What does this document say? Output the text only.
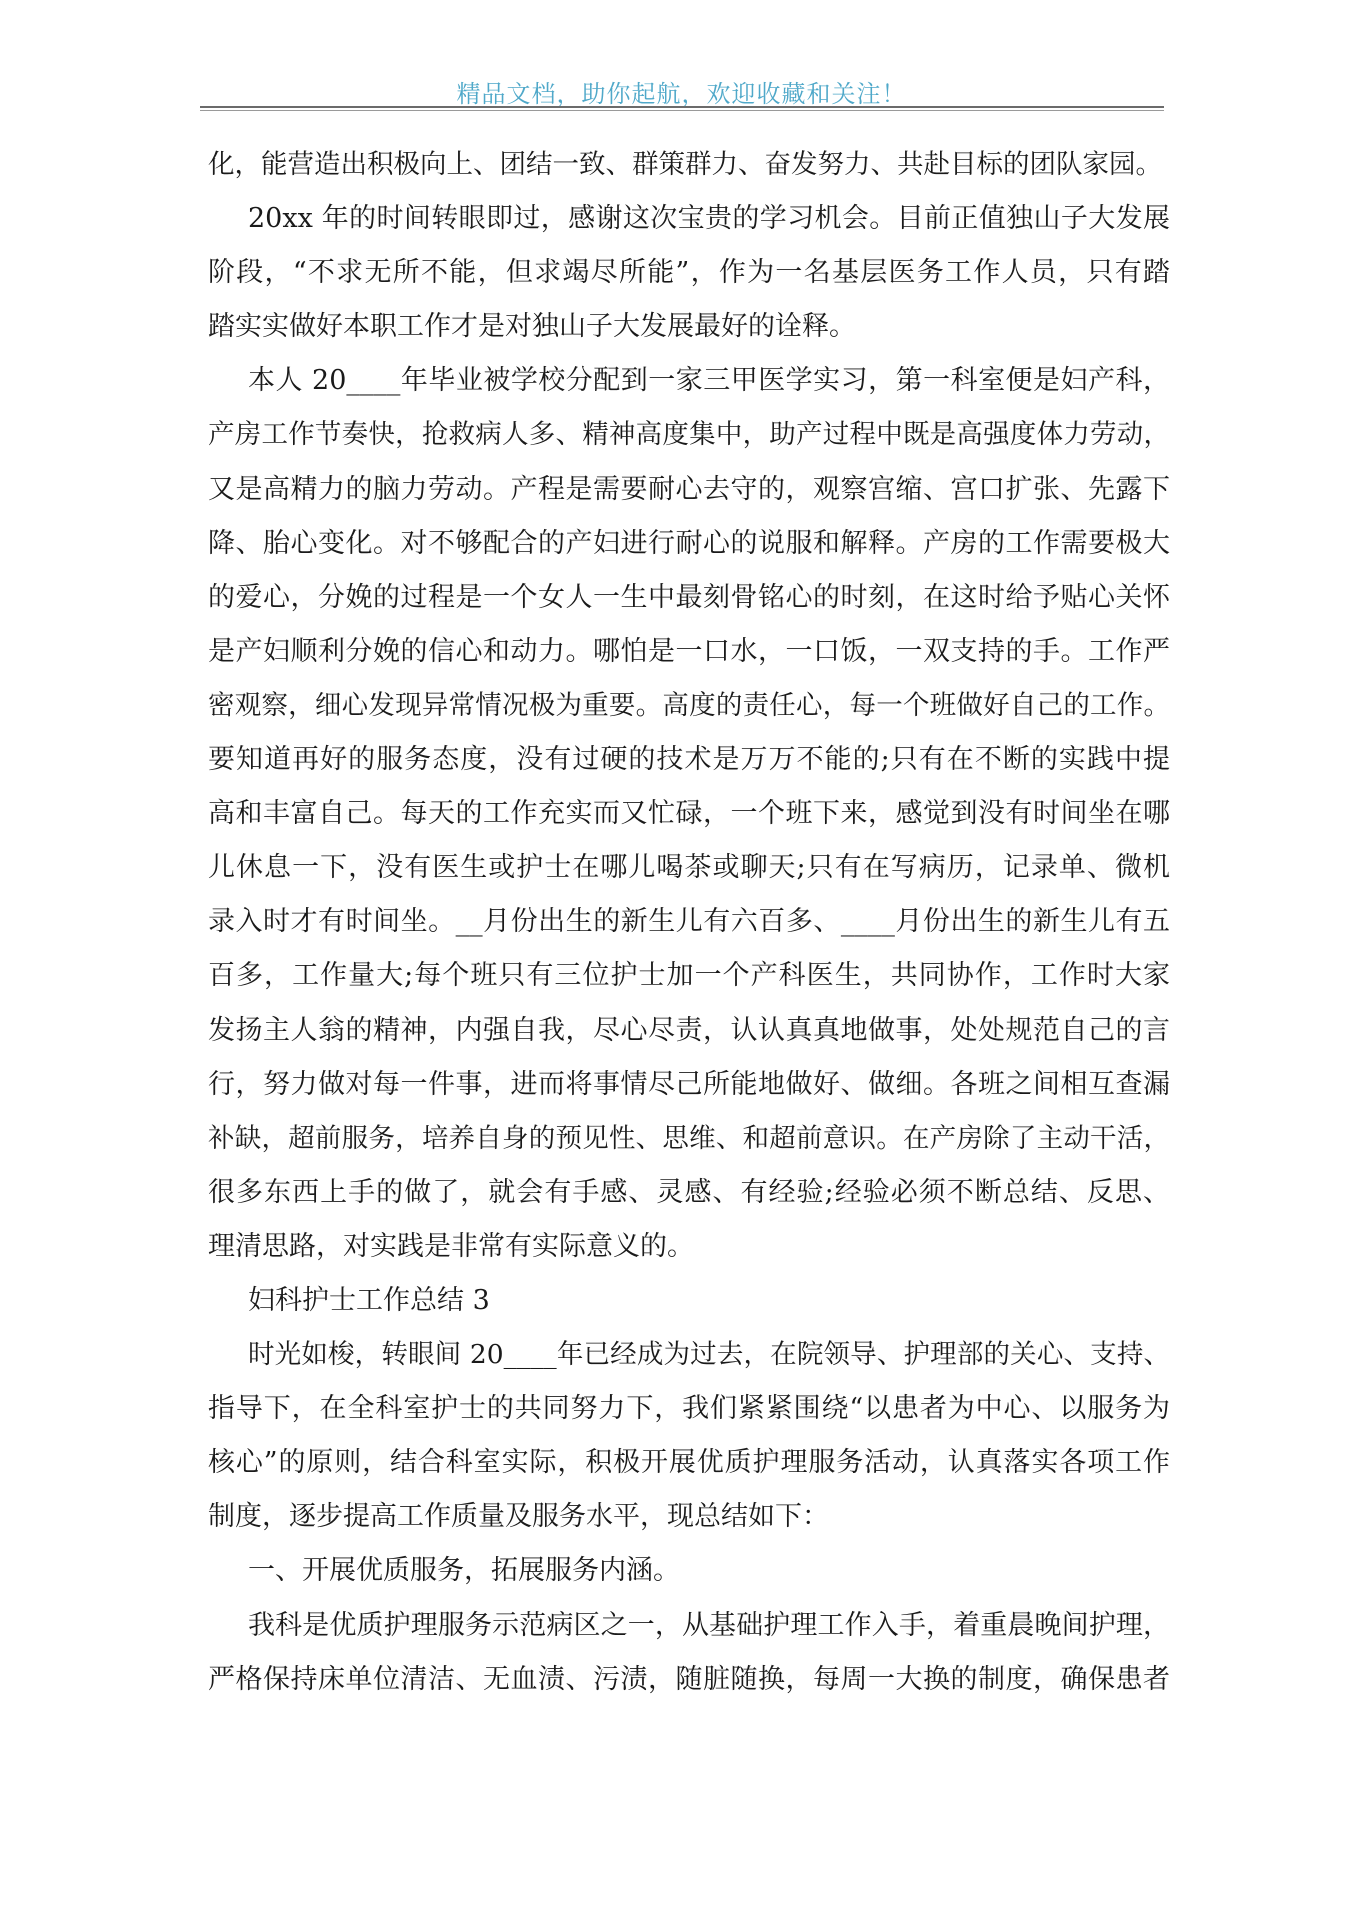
精品文档，助你起航，欢迎收藏和关注！
化，能营造出积极向上、团结一致、群策群力、奋发努力、共赴目标的团队家园。
20xx 年的时间转眼即过，感谢这次宝贵的学习机会。目前正值独山子大发展
阶段，“不求无所不能，但求竭尽所能”，作为一名基层医务工作人员，只有踏
踏实实做好本职工作才是对独山子大发展最好的诠释。
本人 20____年毕业被学校分配到一家三甲医学实习，第一科室便是妇产科，
产房工作节奏快，抢救病人多、精神高度集中，助产过程中既是高强度体力劳动，
又是高精力的脑力劳动。产程是需要耐心去守的，观察宫缩、宫口扩张、先露下
降、胎心变化。对不够配合的产妇进行耐心的说服和解释。产房的工作需要极大
的爱心，分娩的过程是一个女人一生中最刻骨铭心的时刻，在这时给予贴心关怀
是产妇顺利分娩的信心和动力。哪怕是一口水，一口饭，一双支持的手。工作严
密观察，细心发现异常情况极为重要。高度的责任心，每一个班做好自己的工作。
要知道再好的服务态度，没有过硬的技术是万万不能的;只有在不断的实践中提
高和丰富自己。每天的工作充实而又忙碌，一个班下来，感觉到没有时间坐在哪
儿休息一下，没有医生或护士在哪儿喝茶或聊天;只有在写病历，记录单、微机
录入时才有时间坐。__月份出生的新生儿有六百多、____月份出生的新生儿有五
百多，工作量大;每个班只有三位护士加一个产科医生，共同协作，工作时大家
发扬主人翁的精神，内强自我，尽心尽责，认认真真地做事，处处规范自己的言
行，努力做对每一件事，进而将事情尽己所能地做好、做细。各班之间相互查漏
补缺，超前服务，培养自身的预见性、思维、和超前意识。在产房除了主动干活，
很多东西上手的做了，就会有手感、灵感、有经验;经验必须不断总结、反思、
理清思路，对实践是非常有实际意义的。
妇科护士工作总结 3
时光如梭，转眼间 20____年已经成为过去，在院领导、护理部的关心、支持、
指导下，在全科室护士的共同努力下，我们紧紧围绕“以患者为中心、以服务为
核心”的原则，结合科室实际，积极开展优质护理服务活动，认真落实各项工作
制度，逐步提高工作质量及服务水平，现总结如下：
一、开展优质服务，拓展服务内涵。
我科是优质护理服务示范病区之一，从基础护理工作入手，着重晨晚间护理，
严格保持床单位清洁、无血渍、污渍，随脏随换，每周一大换的制度，确保患者
